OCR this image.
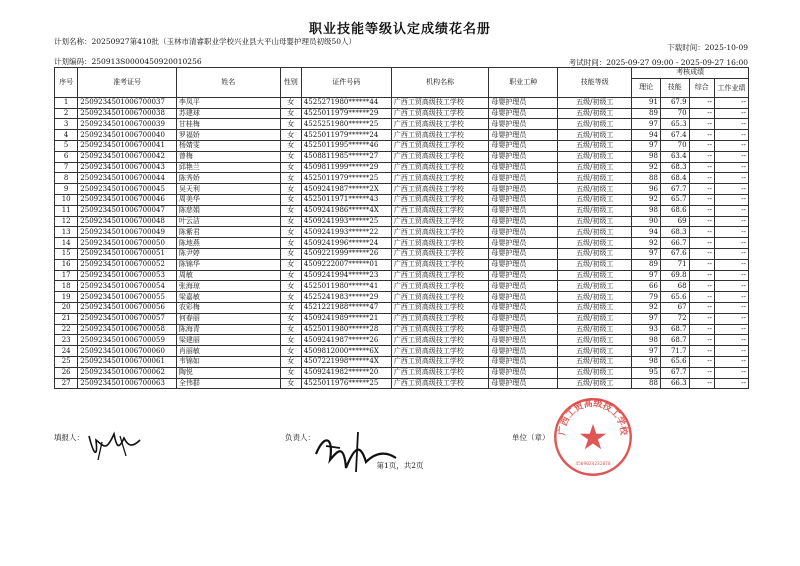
职业技能等级认定成绩花名册
计划名称：20250927第410批（玉林市清睿职业学校兴业县大平山母婴护理员初级50人）
下载时间：2025-10-09
计划编码：250913S000045092001025​6	考试时间：2025-09-27 09:00 - 2025-09-27 16:00
序号	准考证号	姓名	性别	证件号码	机构名称	职业工种	技能等级	考核成绩			
								理论	技能	综合	工作业绩
1	250923450100670003​7	李凤平	女	4525271980******44	广西工贸高级技工学校	母婴护理员	五级/初级工	91	67.9	--	--
2	2509234501006700038	苏建球	女	4525011979******29	广西工贸高级技工学校	母婴护理员	五级/初级工	89	70	--	--
3	2509234501006700039	甘桂梅	女	4525251980******25	广西工贸高级技工学校	母婴护理员	五级/初级工	97	65.3	--	--
4	2509234501006700040	罗福娇	女	4525011979******24	广西工贸高级技工学校	母婴护理员	五级/初级工	94	67.4	--	--
5	2509234501006700041	杨婧雯	女	4525011995******46	广西工贸高级技工学校	母婴护理员	五级/初级工	97	70	--	--
6	2509234501006700042	曾梅	女	4508811985******27	广西工贸高级技工学校	母婴护理员	五级/初级工	98	63.4	--	--
7	2509234501006700043	邱艳兰	女	4509811999******29	广西工贸高级技工学校	母婴护理员	五级/初级工	92	68.3	--	--
8	2509234501006700044	陈秀娇	女	4525011979******25	广西工贸高级技工学校	母婴护理员	五级/初级工	88	68.4	--	--
9	2509234501006700045	吴天利	女	4509241987******2X	广西工贸高级技工学校	母婴护理员	五级/初级工	96	67.7	--	--
10	2509234501006700046	周美华	女	4525011971******43	广西工贸高级技工学校	母婴护理员	五级/初级工	92	65.7	--	--
11	2509234501006700047	陈慈娟	女	4509241986******4X	广西工贸高级技工学校	母婴护理员	五级/初级工	98	68.6	--	--
12	2509234501006700048	叶云洁	女	4509241993******25	广西工贸高级技工学校	母婴护理员	五级/初级工	90	69	--	--
13	2509234501006700049	陈紫君	女	4509241993******22	广西工贸高级技工学校	母婴护理员	五级/初级工	94	68.3	--	--
14	2509234501006700050	陈地燕	女	4509241996******24	广西工贸高级技工学校	母婴护理员	五级/初级工	92	66.7	--	--
15	2509234501006700051	陈尹婷	女	4509221999******26	广西工贸高级技工学校	母婴护理员	五级/初级工	97	67.6	--	--
16	2509234501006700052	陈锦华	女	4509222007******01	广西工贸高级技工学校	母婴护理员	五级/初级工	89	71	--	--
17	2509234501006700053	周敏	女	4509241994******23	广西工贸高级技工学校	母婴护理员	五级/初级工	97	69.8	--	--
18	2509234501006700054	张海琼	女	4525011980******41	广西工贸高级技工学校	母婴护理员	五级/初级工	66	68	--	--
19	2509234501006700055	梁嘉敏	女	4525241983******29	广西工贸高级技工学校	母婴护理员	五级/初级工	79	65.6	--	--
20	2509234501006700056	农彩梅	女	4521221988******47	广西工贸高级技工学校	母婴护理员	五级/初级工	92	67	--	--
21	2509234501006700057	何春丽	女	4509241989******21	广西工贸高级技工学校	母婴护理员	五级/初级工	97	72	--	--
22	2509234501006700058	陈海青	女	4525011980******28	广西工贸高级技工学校	母婴护理员	五级/初级工	93	68.7	--	--
23	2509234501006700059	梁建丽	女	4509241987******26	广西工贸高级技工学校	母婴护理员	五级/初级工	98	68.7	--	--
24	2509234501006700060	肖丽敏	女	4509812000******6X	广西工贸高级技工学校	母婴护理员	五级/初级工	97	71.7	--	--
25	2509234501006700061	韦锦如	女	4507221998******4X	广西工贸高级技工学校	母婴护理员	五级/初级工	98	65.6	--	--
26	2509234501006700062	陶悦	女	4509241982******20	广西工贸高级技工学校	母婴护理员	五级/初级工	95	67.7	--	--
27	2509234501006700063	全伟群	女	4525011976******25	广西工贸高级技工学校	母婴护理员	五级/初级工	88	66.3	--	--
填报人：	负责人：	单位（章）
第1页，共2页
广西工贸高级技工学校
4509024232878
